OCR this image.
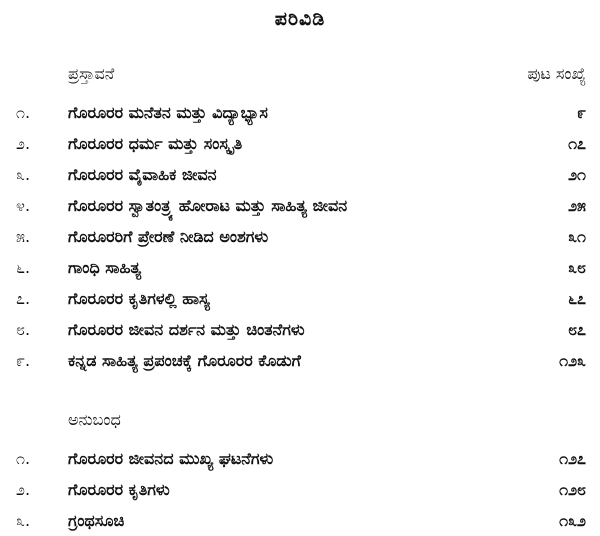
ಪರಿವಿಡಿ
ಪ್ರಸ್ತಾವನೆ	ಪುಟ ಸಂಖ್ಯೆ
೧.	ಗೊರೂರರ ಮನೆತನ ಮತ್ತು ವಿದ್ಯಾಭ್ಯಾಸ	೯
೨.	ಗೊರೂರರ ಧರ್ಮ ಮತ್ತು ಸಂಸ್ಕೃತಿ	೧೭
೩.	ಗೊರೂರರ ವೈವಾಹಿಕ ಜೀವನ	೨೧
೪.	ಗೊರೂರರ ಸ್ವಾತಂತ್ರ್ಯ ಹೋರಾಟ ಮತ್ತು ಸಾಹಿತ್ಯ ಜೀವನ	೨೫
೫.	ಗೊರೂರರಿಗೆ ಪ್ರೇರಣೆ ನೀಡಿದ ಅಂಶಗಳು	೩೧
೬.	ಗಾಂಧಿ ಸಾಹಿತ್ಯ	೩೮
೭.	ಗೊರೂರರ ಕೃತಿಗಳಲ್ಲಿ ಹಾಸ್ಯ	೬೭
೮.	ಗೊರೂರರ ಜೀವನ ದರ್ಶನ ಮತ್ತು ಚಿಂತನೆಗಳು	೮೭
೯.	ಕನ್ನಡ ಸಾಹಿತ್ಯ ಪ್ರಪಂಚಕ್ಕೆ ಗೊರೂರರ ಕೊಡುಗೆ	೧೨೩
ಅನುಬಂಧ
೧.	ಗೊರೂರರ ಜೀವನದ ಮುಖ್ಯ ಘಟನೆಗಳು	೧೨೭
೨.	ಗೊರೂರರ ಕೃತಿಗಳು	೧೨೮
೩.	ಗ್ರಂಥಸೂಚಿ	೧೩೨
